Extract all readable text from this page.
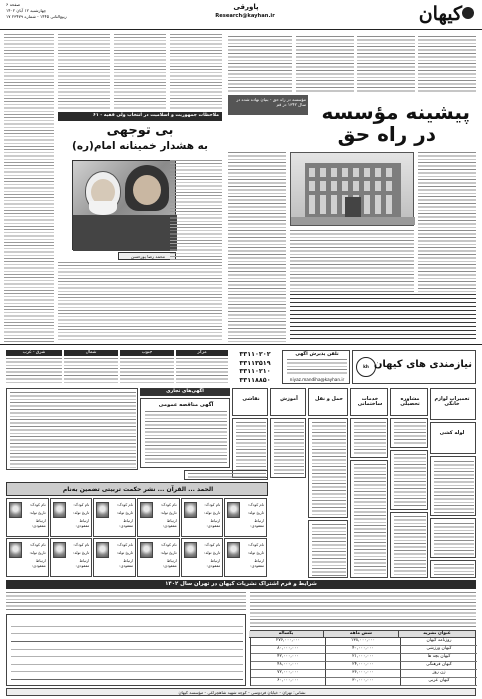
کیهان
پاورقی
Research@kayhan.ir
صفحه ۶
چهارشنبه ۱۲ آبان ۱۴۰۲
۱۷ ربیع‌الثانی ۱۴۴۵ - شماره ۲۳۴۷۹
مؤسسه در راه حق - بنیان نهاده شده در سال ۱۳۴۲ در قم پیشینه مؤسسه
در راه حق
ملاحظات جمهوریت و اسلامیت در انتخاب ولی فقیه - ۶۱
بی توجهی
به هشدار خمینانه امام(ره)
محمد رضا پورحسن
kh نیازمندی های کیهان
تلفن پذیرش آگهی
niyaz.mandiha@kayhan.ir
۳۳۱۱۰۲۰۲
۳۳۱۱۳۵۱۹
۳۳۱۱۰۲۱۰
۳۳۱۱۸۸۵۰
مرکز
جنوب
شمال
شرق - غرب
تعمیرات لوازم خانگی
لوله کشی
مشاوره تحصیلی
خدمات ساختمانی
حمل و نقل
آموزش
نقاشی
آگهی‌های تجاری
آگهی مناقصه عمومی
الحمد ... القرآن ... نشر حکمت تربیتی تضمین به‌نام
نام کودک:
تاریخ تولد:
ارتباط مفقودی:
نام کودک:
تاریخ تولد:
ارتباط مفقودی:
نام کودک:
تاریخ تولد:
ارتباط مفقودی:
نام کودک:
تاریخ تولد:
ارتباط مفقودی:
نام کودک:
تاریخ تولد:
ارتباط مفقودی:
نام کودک:
تاریخ تولد:
ارتباط مفقودی:
نام کودک:
تاریخ تولد:
ارتباط مفقودی:
نام کودک:
تاریخ تولد:
ارتباط مفقودی:
نام کودک:
تاریخ تولد:
ارتباط مفقودی:
نام کودک:
تاریخ تولد:
ارتباط مفقودی:
نام کودک:
تاریخ تولد:
ارتباط مفقودی:
نام کودک:
تاریخ تولد:
ارتباط مفقودی:
شرایط و فرم اشتراک نشریات کیهان در تهران سال ۱۴۰۲
عنوان نشریه
شش ماهه
یکساله
روزنامه کیهان
۱۳۸,۰۰۰,۰۰۰
۲۷۶,۰۰۰,۰۰۰
کیهان ورزشی
۴۰,۰۰۰,۰۰۰
۸۰,۰۰۰,۰۰۰
کیهان بچه ها
۲۱,۰۰۰,۰۰۰
۴۲,۰۰۰,۰۰۰
کیهان فرهنگی
۲۴,۰۰۰,۰۰۰
۴۸,۰۰۰,۰۰۰
زن روز
۳۶,۰۰۰,۰۰۰
۷۲,۰۰۰,۰۰۰
کیهان عربی
۳۰,۰۰۰,۰۰۰
۶۰,۰۰۰,۰۰۰
نشانی: تهران - خیابان فردوسی - کوچه شهید شاهچراغی - مؤسسه کیهان
